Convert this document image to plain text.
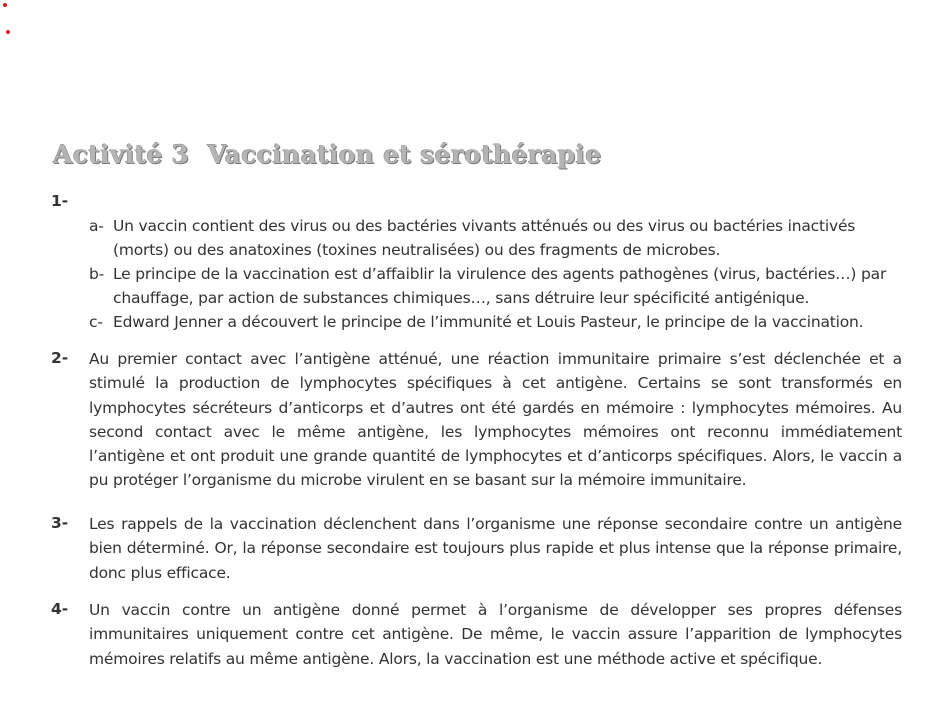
Activité 3 Vaccination et sérothérapie
1-
a- Un vaccin contient des virus ou des bactéries vivants atténués ou des virus ou bactéries inactivés (morts) ou des anatoxines (toxines neutralisées) ou des fragments de microbes.
b- Le principe de la vaccination est d’affaiblir la virulence des agents pathogènes (virus, bactéries…) par chauffage, par action de substances chimiques…, sans détruire leur spécificité antigénique.
c- Edward Jenner a découvert le principe de l’immunité et Louis Pasteur, le principe de la vaccination.
2- Au premier contact avec l’antigène atténué, une réaction immunitaire primaire s’est déclenchée et a stimulé la production de lymphocytes spécifiques à cet antigène. Certains se sont transformés en lymphocytes sécréteurs d’anticorps et d’autres ont été gardés en mémoire : lymphocytes mémoires. Au second contact avec le même antigène, les lymphocytes mémoires ont reconnu immédiatement l’antigène et ont produit une grande quantité de lymphocytes et d’anticorps spécifiques. Alors, le vaccin a pu protéger l’organisme du microbe virulent en se basant sur la mémoire immunitaire.
3- Les rappels de la vaccination déclenchent dans l’organisme une réponse secondaire contre un antigène bien déterminé. Or, la réponse secondaire est toujours plus rapide et plus intense que la réponse primaire, donc plus efficace.
4- Un vaccin contre un antigène donné permet à l’organisme de développer ses propres défenses immunitaires uniquement contre cet antigène. De même, le vaccin assure l’apparition de lymphocytes mémoires relatifs au même antigène. Alors, la vaccination est une méthode active et spécifique.
